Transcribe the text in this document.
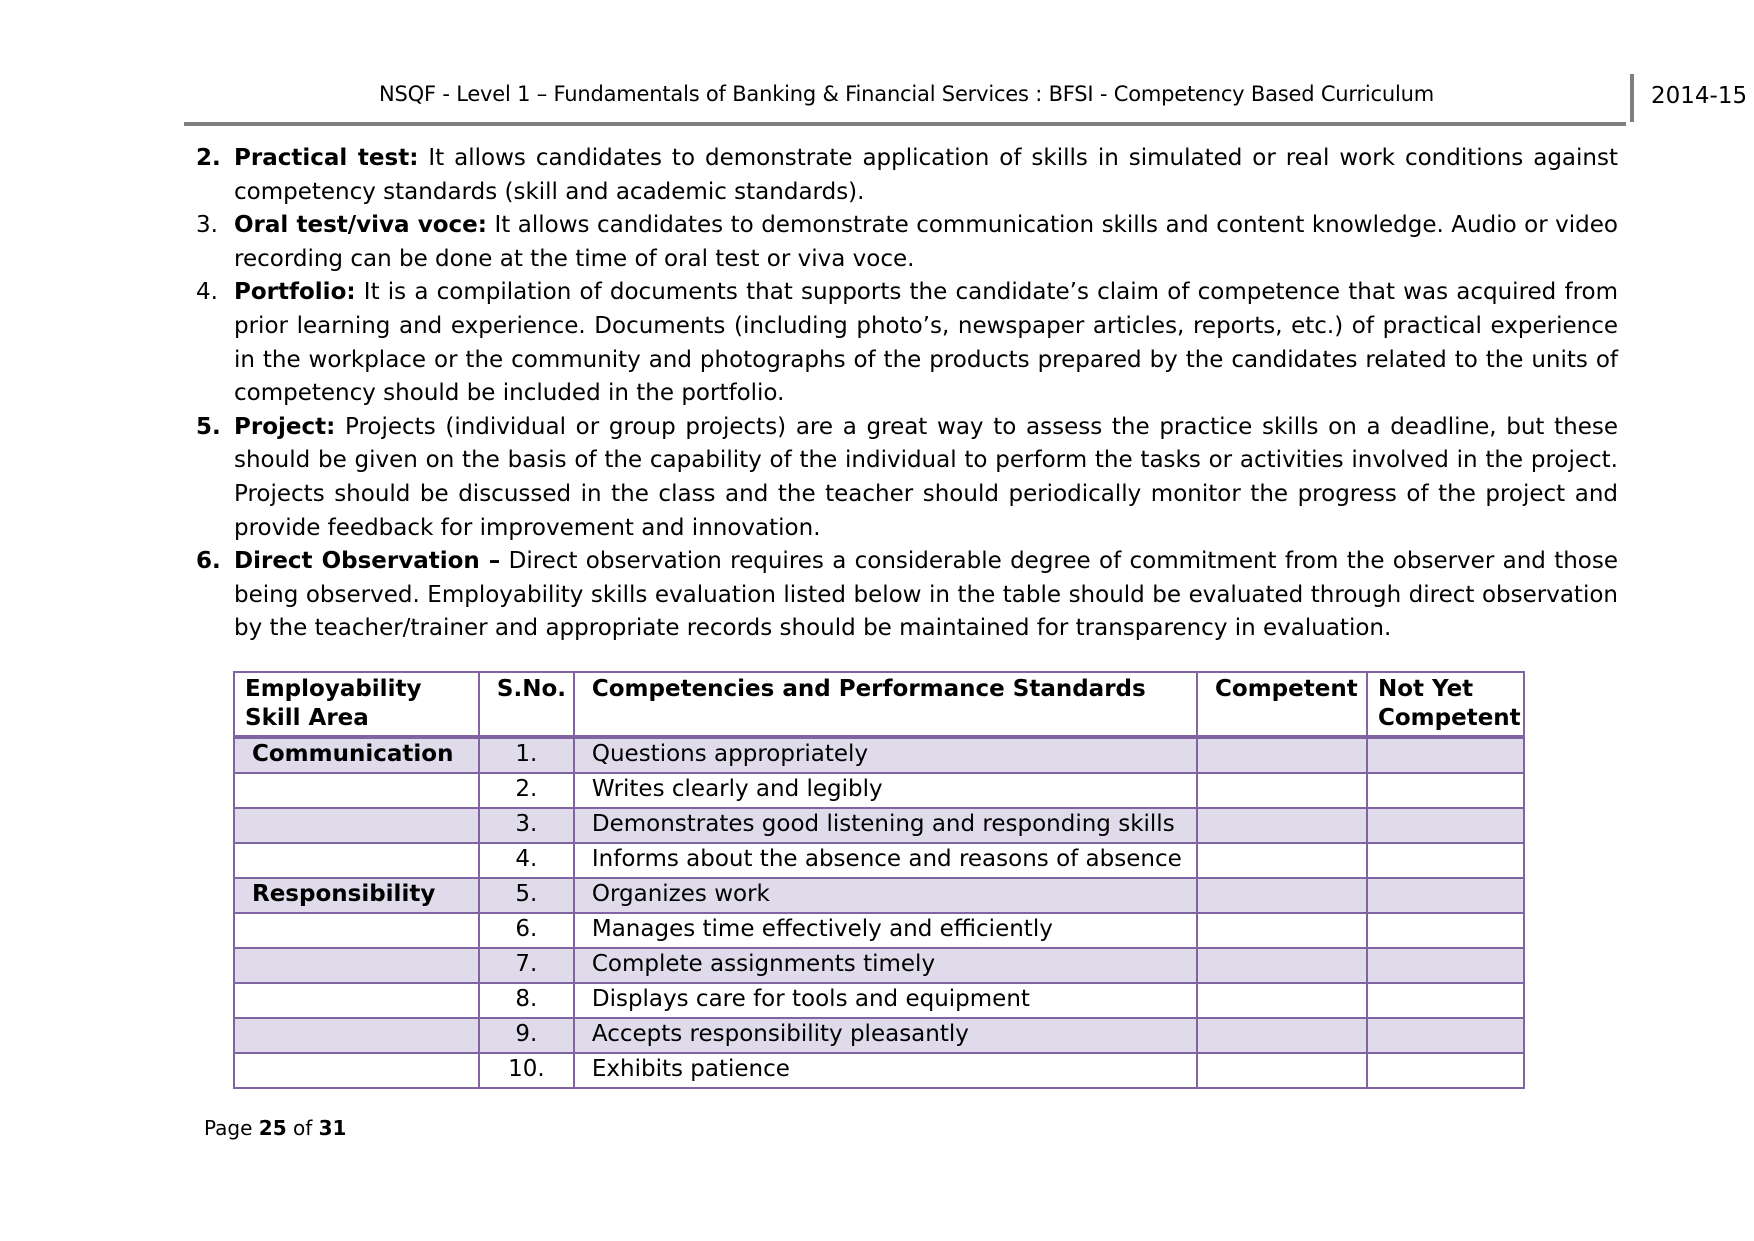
NSQF - Level 1 – Fundamentals of Banking & Financial Services : BFSI - Competency Based Curriculum	2014-15
2. Practical test: It allows candidates to demonstrate application of skills in simulated or real work conditions against competency standards (skill and academic standards).
3. Oral test/viva voce: It allows candidates to demonstrate communication skills and content knowledge. Audio or video recording can be done at the time of oral test or viva voce.
4. Portfolio: It is a compilation of documents that supports the candidate’s claim of competence that was acquired from prior learning and experience. Documents (including photo’s, newspaper articles, reports, etc.) of practical experience in the workplace or the community and photographs of the products prepared by the candidates related to the units of competency should be included in the portfolio.
5. Project: Projects (individual or group projects) are a great way to assess the practice skills on a deadline, but these should be given on the basis of the capability of the individual to perform the tasks or activities involved in the project. Projects should be discussed in the class and the teacher should periodically monitor the progress of the project and provide feedback for improvement and innovation.
6. Direct Observation – Direct observation requires a considerable degree of commitment from the observer and those being observed. Employability skills evaluation listed below in the table should be evaluated through direct observation by the teacher/trainer and appropriate records should be maintained for transparency in evaluation.
Employability Skill Area	S.No.	Competencies and Performance Standards	Competent	Not Yet Competent
Communication	1.	Questions appropriately		
	2.	Writes clearly and legibly		
	3.	Demonstrates good listening and responding skills		
	4.	Informs about the absence and reasons of absence		
Responsibility	5.	Organizes work		
	6.	Manages time effectively and efficiently		
	7.	Complete assignments timely		
	8.	Displays care for tools and equipment		
	9.	Accepts responsibility pleasantly		
	10.	Exhibits patience		
Page 25 of 31
